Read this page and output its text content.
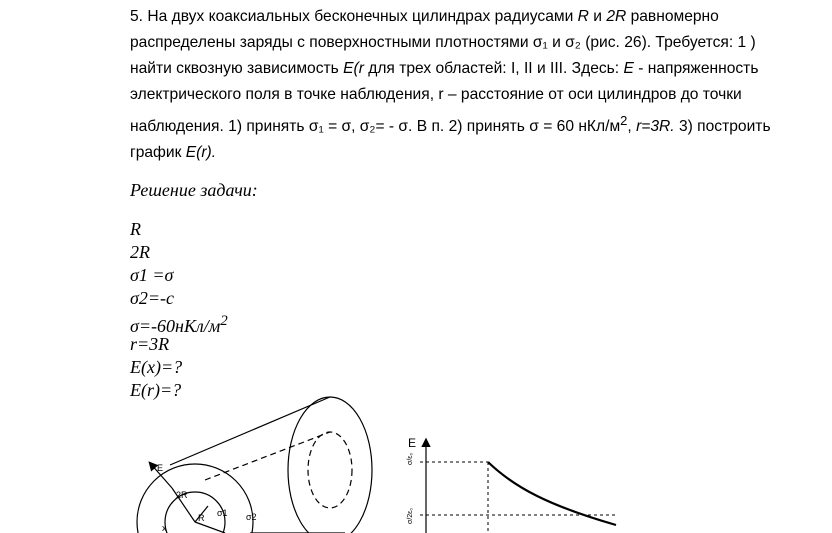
5. На двух коаксиальных бесконечных цилиндрах радиусами R и 2R равномерно распределены заряды с поверхностными плотностями σ₁ и σ₂ (рис. 26). Требуется: 1 ) найти сквозную зависимость E(r для трех областей: I, II и III. Здесь: E - напряженность электрического поля в точке наблюдения, r – расстояние от оси цилиндров до точки наблюдения. 1) принять σ₁ = σ, σ₂= - σ. В п. 2) принять σ = 60 нКл/$м^2$, r=3R. 3) построить график E(r).

Решение задачи:

R
2R
σ1 =σ
σ2=-c
$\sigma=-60нКл/м^2$
r=3R
E(x)=?
E(r)=?
E
2R
R σ1 σ2
x
E
σ/ε₀
σ/2ε₀
